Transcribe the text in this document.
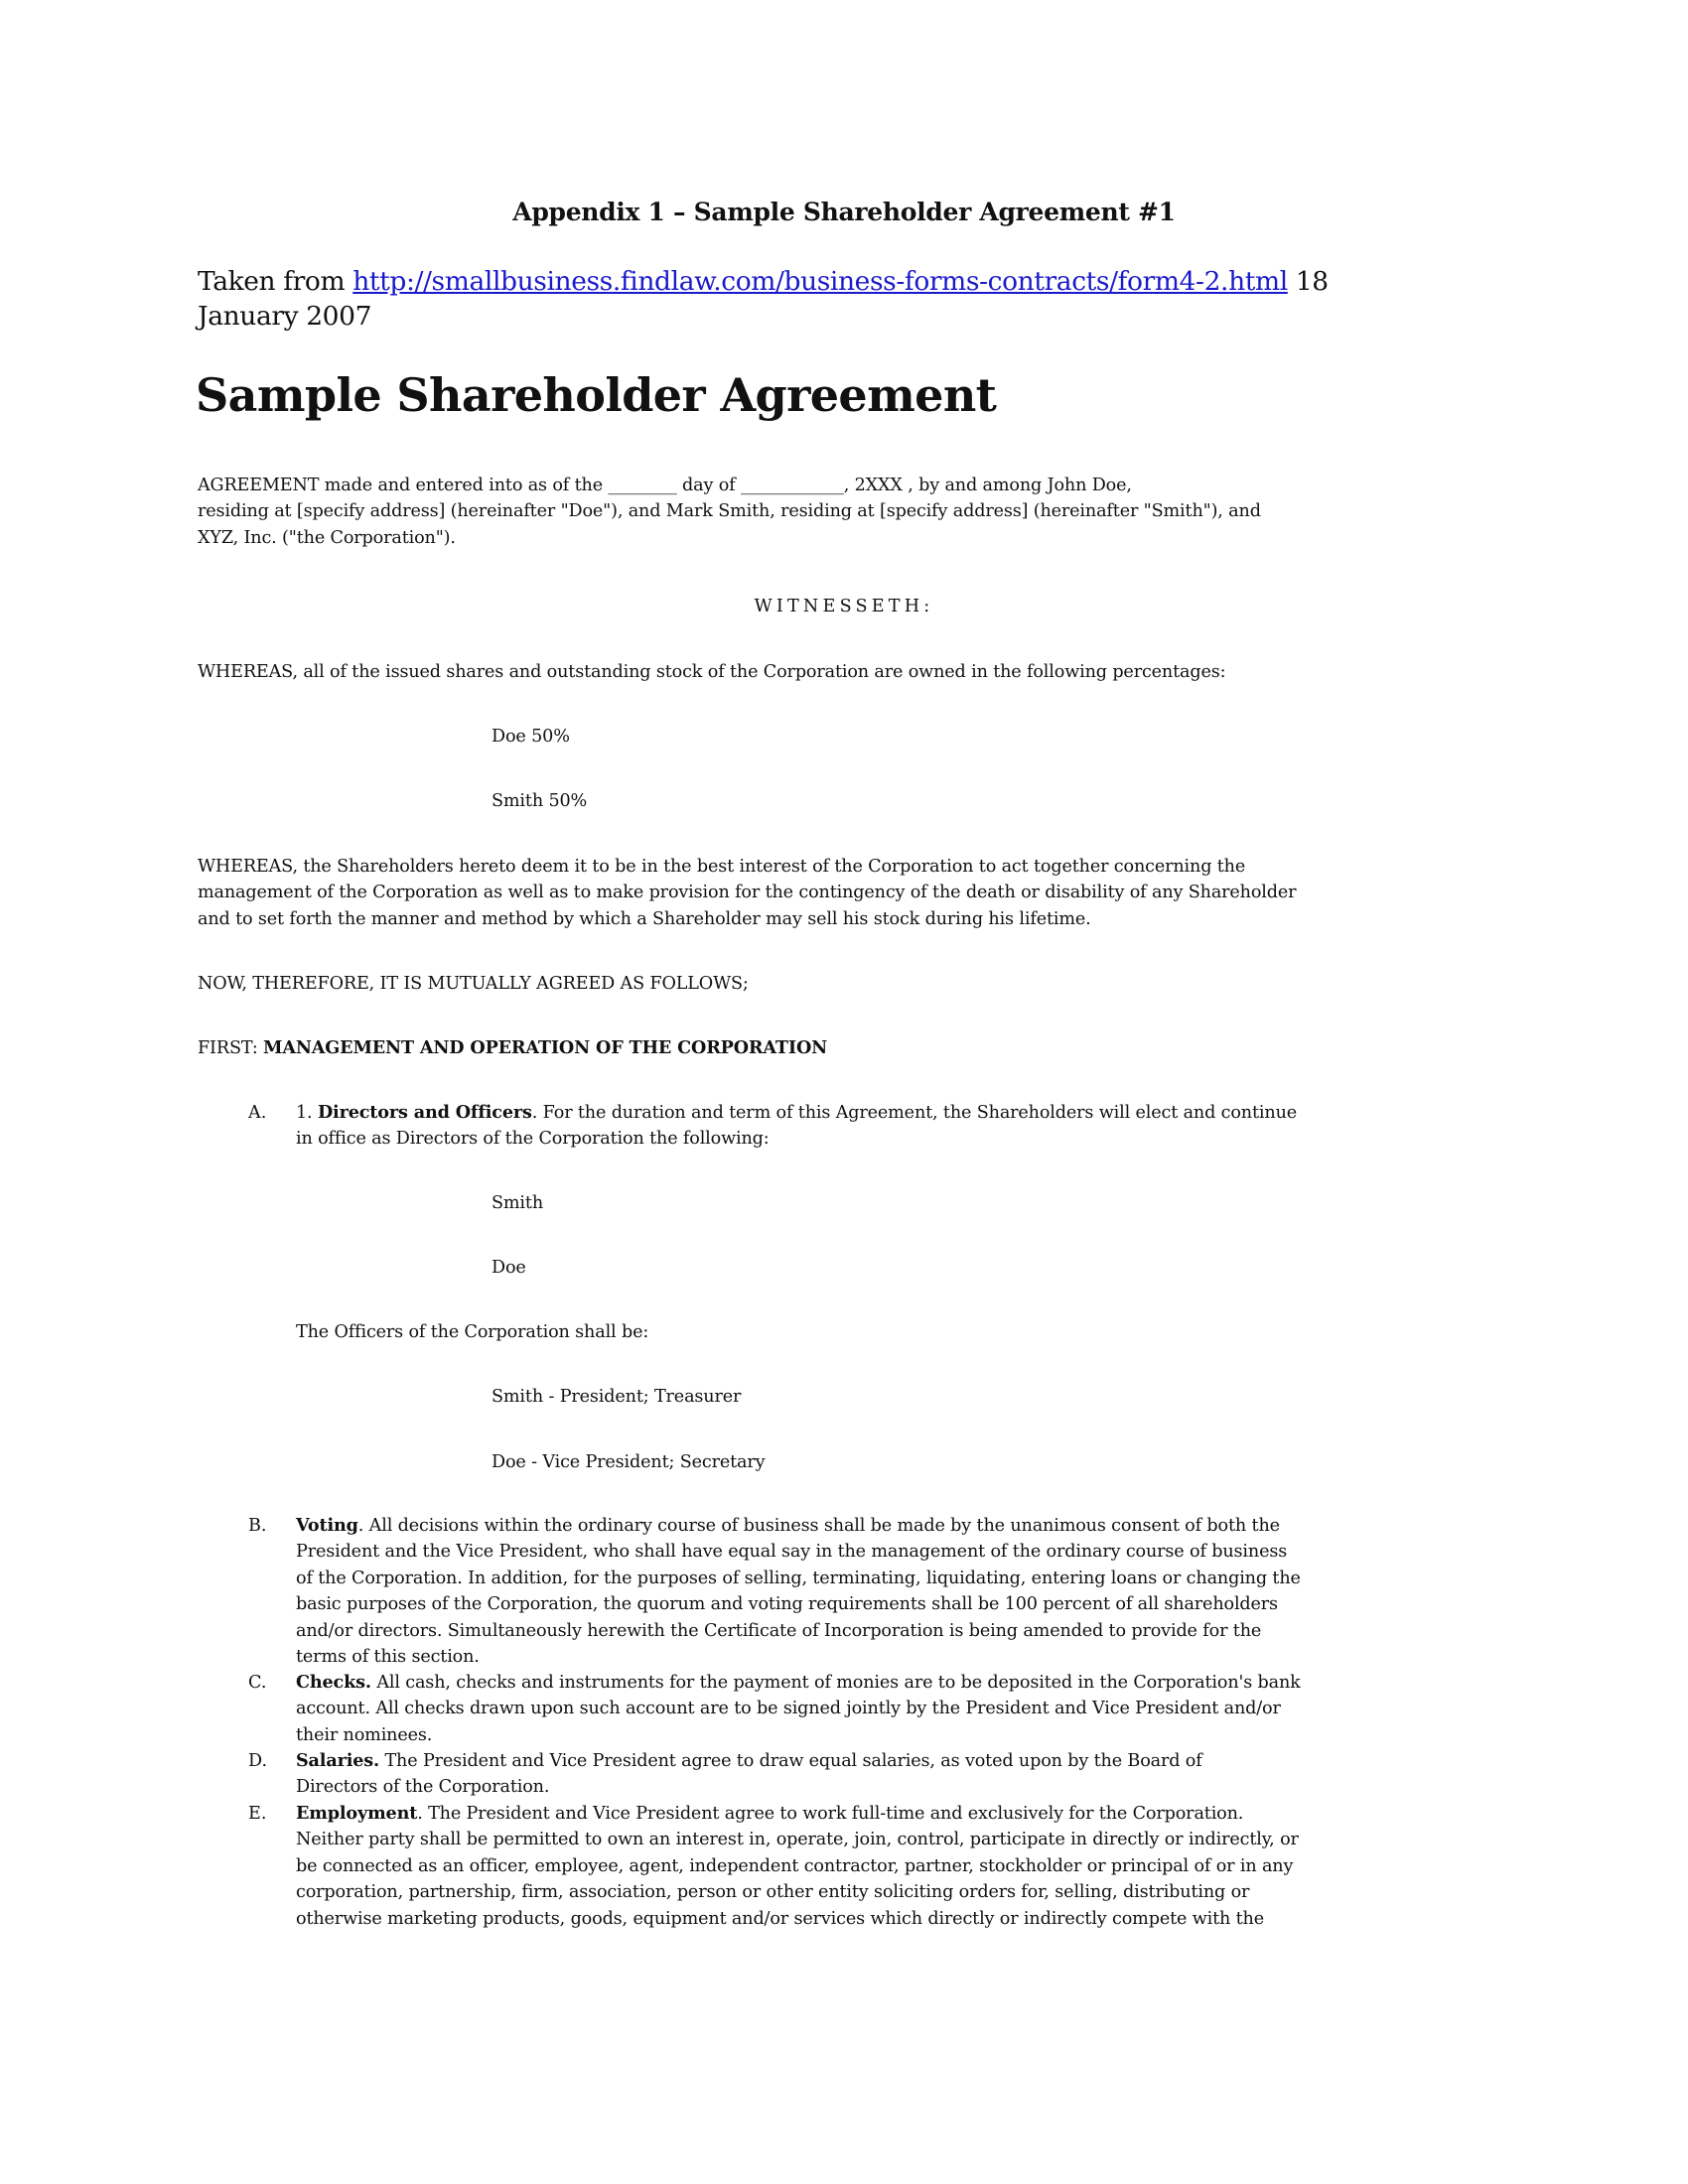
Appendix 1 – Sample Shareholder Agreement #1
Taken from http://smallbusiness.findlaw.com/business-forms-contracts/form4-2.html 18
January 2007
Sample Shareholder Agreement
AGREEMENT made and entered into as of the ________ day of ____________, 2XXX , by and among John Doe,
residing at [specify address] (hereinafter "Doe"), and Mark Smith, residing at [specify address] (hereinafter "Smith"), and
XYZ, Inc. ("the Corporation").
WITNESSETH:
WHEREAS, all of the issued shares and outstanding stock of the Corporation are owned in the following percentages:
Doe 50%
Smith 50%
WHEREAS, the Shareholders hereto deem it to be in the best interest of the Corporation to act together concerning the
management of the Corporation as well as to make provision for the contingency of the death or disability of any Shareholder
and to set forth the manner and method by which a Shareholder may sell his stock during his lifetime.
NOW, THEREFORE, IT IS MUTUALLY AGREED AS FOLLOWS;
FIRST: MANAGEMENT AND OPERATION OF THE CORPORATION
A. 1. Directors and Officers. For the duration and term of this Agreement, the Shareholders will elect and continue
in office as Directors of the Corporation the following:
Smith
Doe
The Officers of the Corporation shall be:
Smith - President; Treasurer
Doe - Vice President; Secretary
B. Voting. All decisions within the ordinary course of business shall be made by the unanimous consent of both the
President and the Vice President, who shall have equal say in the management of the ordinary course of business
of the Corporation. In addition, for the purposes of selling, terminating, liquidating, entering loans or changing the
basic purposes of the Corporation, the quorum and voting requirements shall be 100 percent of all shareholders
and/or directors. Simultaneously herewith the Certificate of Incorporation is being amended to provide for the
terms of this section.
C. Checks. All cash, checks and instruments for the payment of monies are to be deposited in the Corporation's bank
account. All checks drawn upon such account are to be signed jointly by the President and Vice President and/or
their nominees.
D. Salaries. The President and Vice President agree to draw equal salaries, as voted upon by the Board of
Directors of the Corporation.
E. Employment. The President and Vice President agree to work full-time and exclusively for the Corporation.
Neither party shall be permitted to own an interest in, operate, join, control, participate in directly or indirectly, or
be connected as an officer, employee, agent, independent contractor, partner, stockholder or principal of or in any
corporation, partnership, firm, association, person or other entity soliciting orders for, selling, distributing or
otherwise marketing products, goods, equipment and/or services which directly or indirectly compete with the
